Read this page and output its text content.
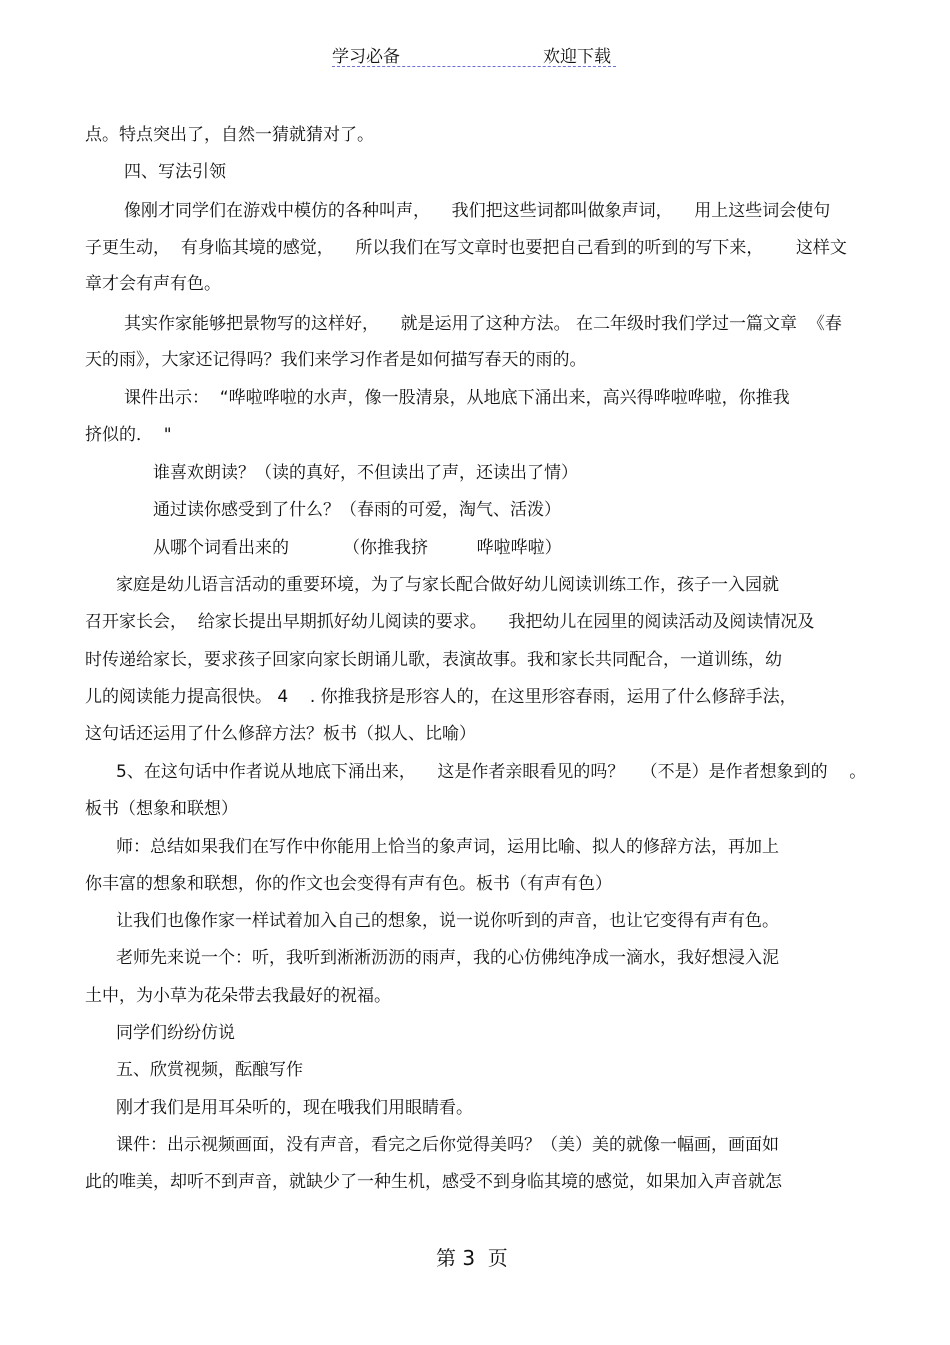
学习必备	欢迎下载
点。特点突出了，自然一猜就猜对了。
四、写法引领
像刚才同学们在游戏中模仿的各种叫声，    我们把这些词都叫做象声词，    用上这些词会使句
子更生动，  有身临其境的感觉，    所以我们在写文章时也要把自己看到的听到的写下来，      这样文
章才会有声有色。
其实作家能够把景物写的这样好，    就是运用了这种方法。 在二年级时我们学过一篇文章  《春
天的雨》，大家还记得吗？我们来学习作者是如何描写春天的雨的。
课件出示：  “哗啦哗啦的水声，像一股清泉，从地底下涌出来，高兴得哗啦哗啦，你推我
挤似的．  "
谁喜欢朗读？（读的真好，不但读出了声，还读出了情）
通过读你感受到了什么？（春雨的可爱，淘气、活泼）
从哪个词看出来的          （你推我挤         哗啦哗啦）
家庭是幼儿语言活动的重要环境，为了与家长配合做好幼儿阅读训练工作，孩子一入园就
召开家长会，  给家长提出早期抓好幼儿阅读的要求。    我把幼儿在园里的阅读活动及阅读情况及
时传递给家长，要求孩子回家向家长朗诵儿歌，表演故事。我和家长共同配合，一道训练，幼
儿的阅读能力提高很快。 4    . 你推我挤是形容人的，在这里形容春雨，运用了什么修辞手法，
这句话还运用了什么修辞方法？板书（拟人、比喻）
5、在这句话中作者说从地底下涌出来，    这是作者亲眼看见的吗？   （不是）是作者想象到的    。
板书（想象和联想）
师：总结如果我们在写作中你能用上恰当的象声词，运用比喻、拟人的修辞方法，再加上
你丰富的想象和联想，你的作文也会变得有声有色。板书（有声有色）
让我们也像作家一样试着加入自己的想象，说一说你听到的声音，也让它变得有声有色。
老师先来说一个：听，我听到淅淅沥沥的雨声，我的心仿佛纯净成一滴水，我好想浸入泥
土中，为小草为花朵带去我最好的祝福。
同学们纷纷仿说
五、欣赏视频，酝酿写作
刚才我们是用耳朵听的，现在哦我们用眼睛看。
课件：出示视频画面，没有声音，看完之后你觉得美吗？（美）美的就像一幅画，画面如
此的唯美，却听不到声音，就缺少了一种生机，感受不到身临其境的感觉，如果加入声音就怎
第 3  页
